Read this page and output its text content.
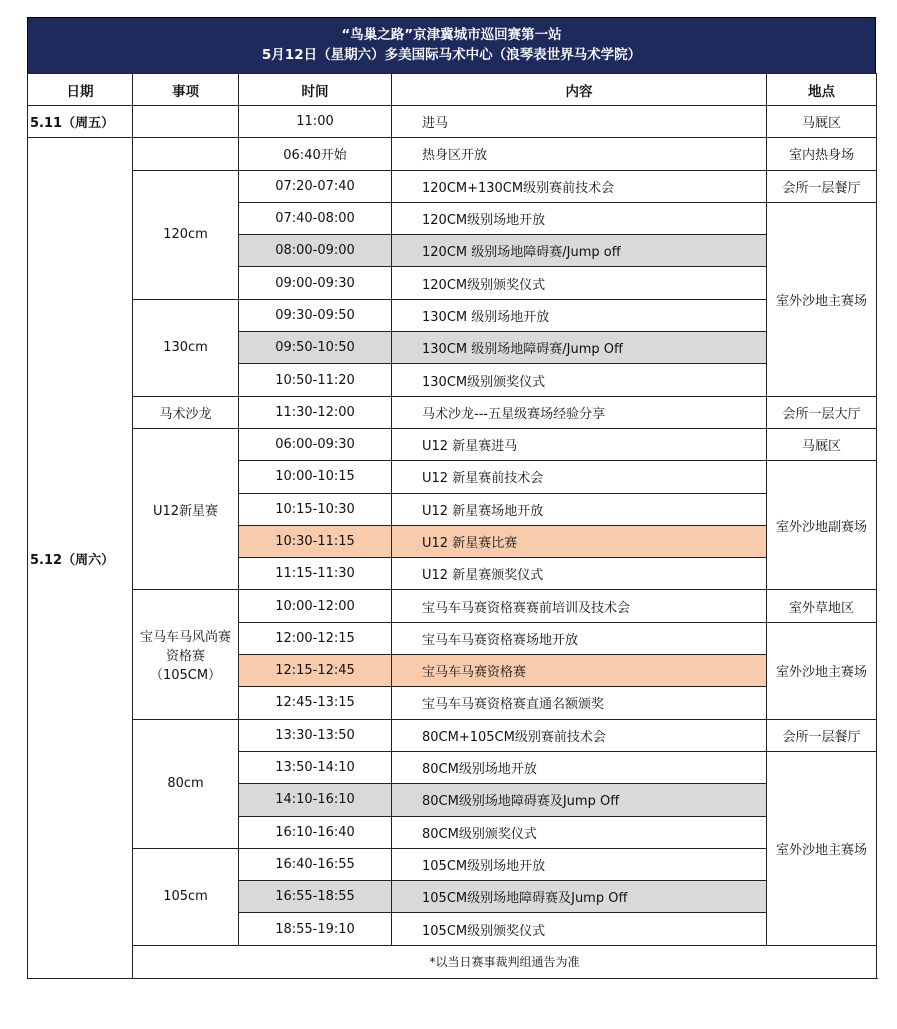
“鸟巢之路”京津冀城市巡回赛第一站
5月12日（星期六）多美国际马术中心（浪琴表世界马术学院）
日期	事项	时间	内容	地点
5.11（周五）		11:00	进马	马厩区
5.12（周六）		06:40开始	热身区开放	室内热身场
	120cm	07:20-07:40	120CM+130CM级别赛前技术会	会所一层餐厅
		07:40-08:00	120CM级别场地开放	室外沙地主赛场
		08:00-09:00	120CM 级别场地障碍赛/Jump off	
		09:00-09:30	120CM级别颁奖仪式	
	130cm	09:30-09:50	130CM 级别场地开放	
		09:50-10:50	130CM 级别场地障碍赛/Jump Off	
		10:50-11:20	130CM级别颁奖仪式	
	马术沙龙	11:30-12:00	马术沙龙---五星级赛场经验分享	会所一层大厅
	U12新星赛	06:00-09:30	U12 新星赛进马	马厩区
		10:00-10:15	U12 新星赛前技术会	室外沙地副赛场
		10:15-10:30	U12 新星赛场地开放	
		10:30-11:15	U12 新星赛比赛	
		11:15-11:30	U12 新星赛颁奖仪式	
	宝马车马风尚赛资格赛（105CM）	10:00-12:00	宝马车马赛资格赛赛前培训及技术会	室外草地区
		12:00-12:15	宝马车马赛资格赛场地开放	室外沙地主赛场
		12:15-12:45	宝马车马赛资格赛	
		12:45-13:15	宝马车马赛资格赛直通名额颁奖	
	80cm	13:30-13:50	80CM+105CM级别赛前技术会	会所一层餐厅
		13:50-14:10	80CM级别场地开放	室外沙地主赛场
		14:10-16:10	80CM级别场地障碍赛及Jump Off	
		16:10-16:40	80CM级别颁奖仪式	
	105cm	16:40-16:55	105CM级别场地开放	
		16:55-18:55	105CM级别场地障碍赛及Jump Off	
		18:55-19:10	105CM级别颁奖仪式	
	*以当日赛事裁判组通告为准			
